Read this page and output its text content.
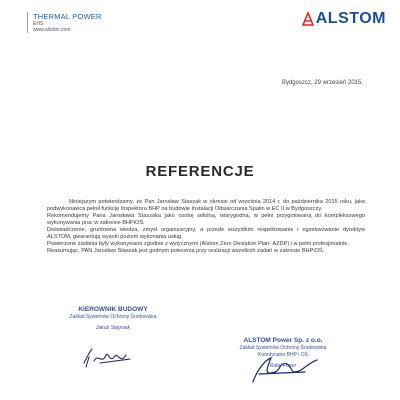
THERMAL POWER
EHS
www.alstom.com
ALSTOM
Bydgoszcz, 29 wrzesień 2015.
REFERENCJE

Niniejszym potwierdzamy, że Pan Jarosław Staszak w okresie od września 2014 r. do października 2015 roku, jako podwykonawca pełnił funkcję Inspektora BHP na budowie Instalacji Odsiarczania Spalin w EC II w Bydgoszczy.

Rekomendujemy Pana Jarosława Staszaka jako osobę solidną, wiarygodną, w pełni przygotowaną do kompleksowego wykonywania prac w zakresie BHPiOŚ.

Doświadczenie, gruntowna wiedza, zmysł organizacyjny, a przede wszystkim respektowanie i egzekwowanie dyrektyw ALSTOM, gwarantują wysoki poziom wykonania usług.

Powierzone zadania były wykonywane zgodnie z wytycznymi (Alstom Zero Deviation Plan- AZDP) i w pełni profesjonalnie.

Reasumując, PAN Jarosław Staszak jest godnym polecenia przy realizacji wszelkich zadań w zakresie BHPiOŚ.

KIEROWNIK BUDOWY
Zakład Systemów Ochrony Środowiska
Jakub Stępniak
ALSTOM Power Sp. z o.o.
Zakład Systemów Ochrony Środowiska
Koordynator BHP i OŚ
Rafał Fiszer
